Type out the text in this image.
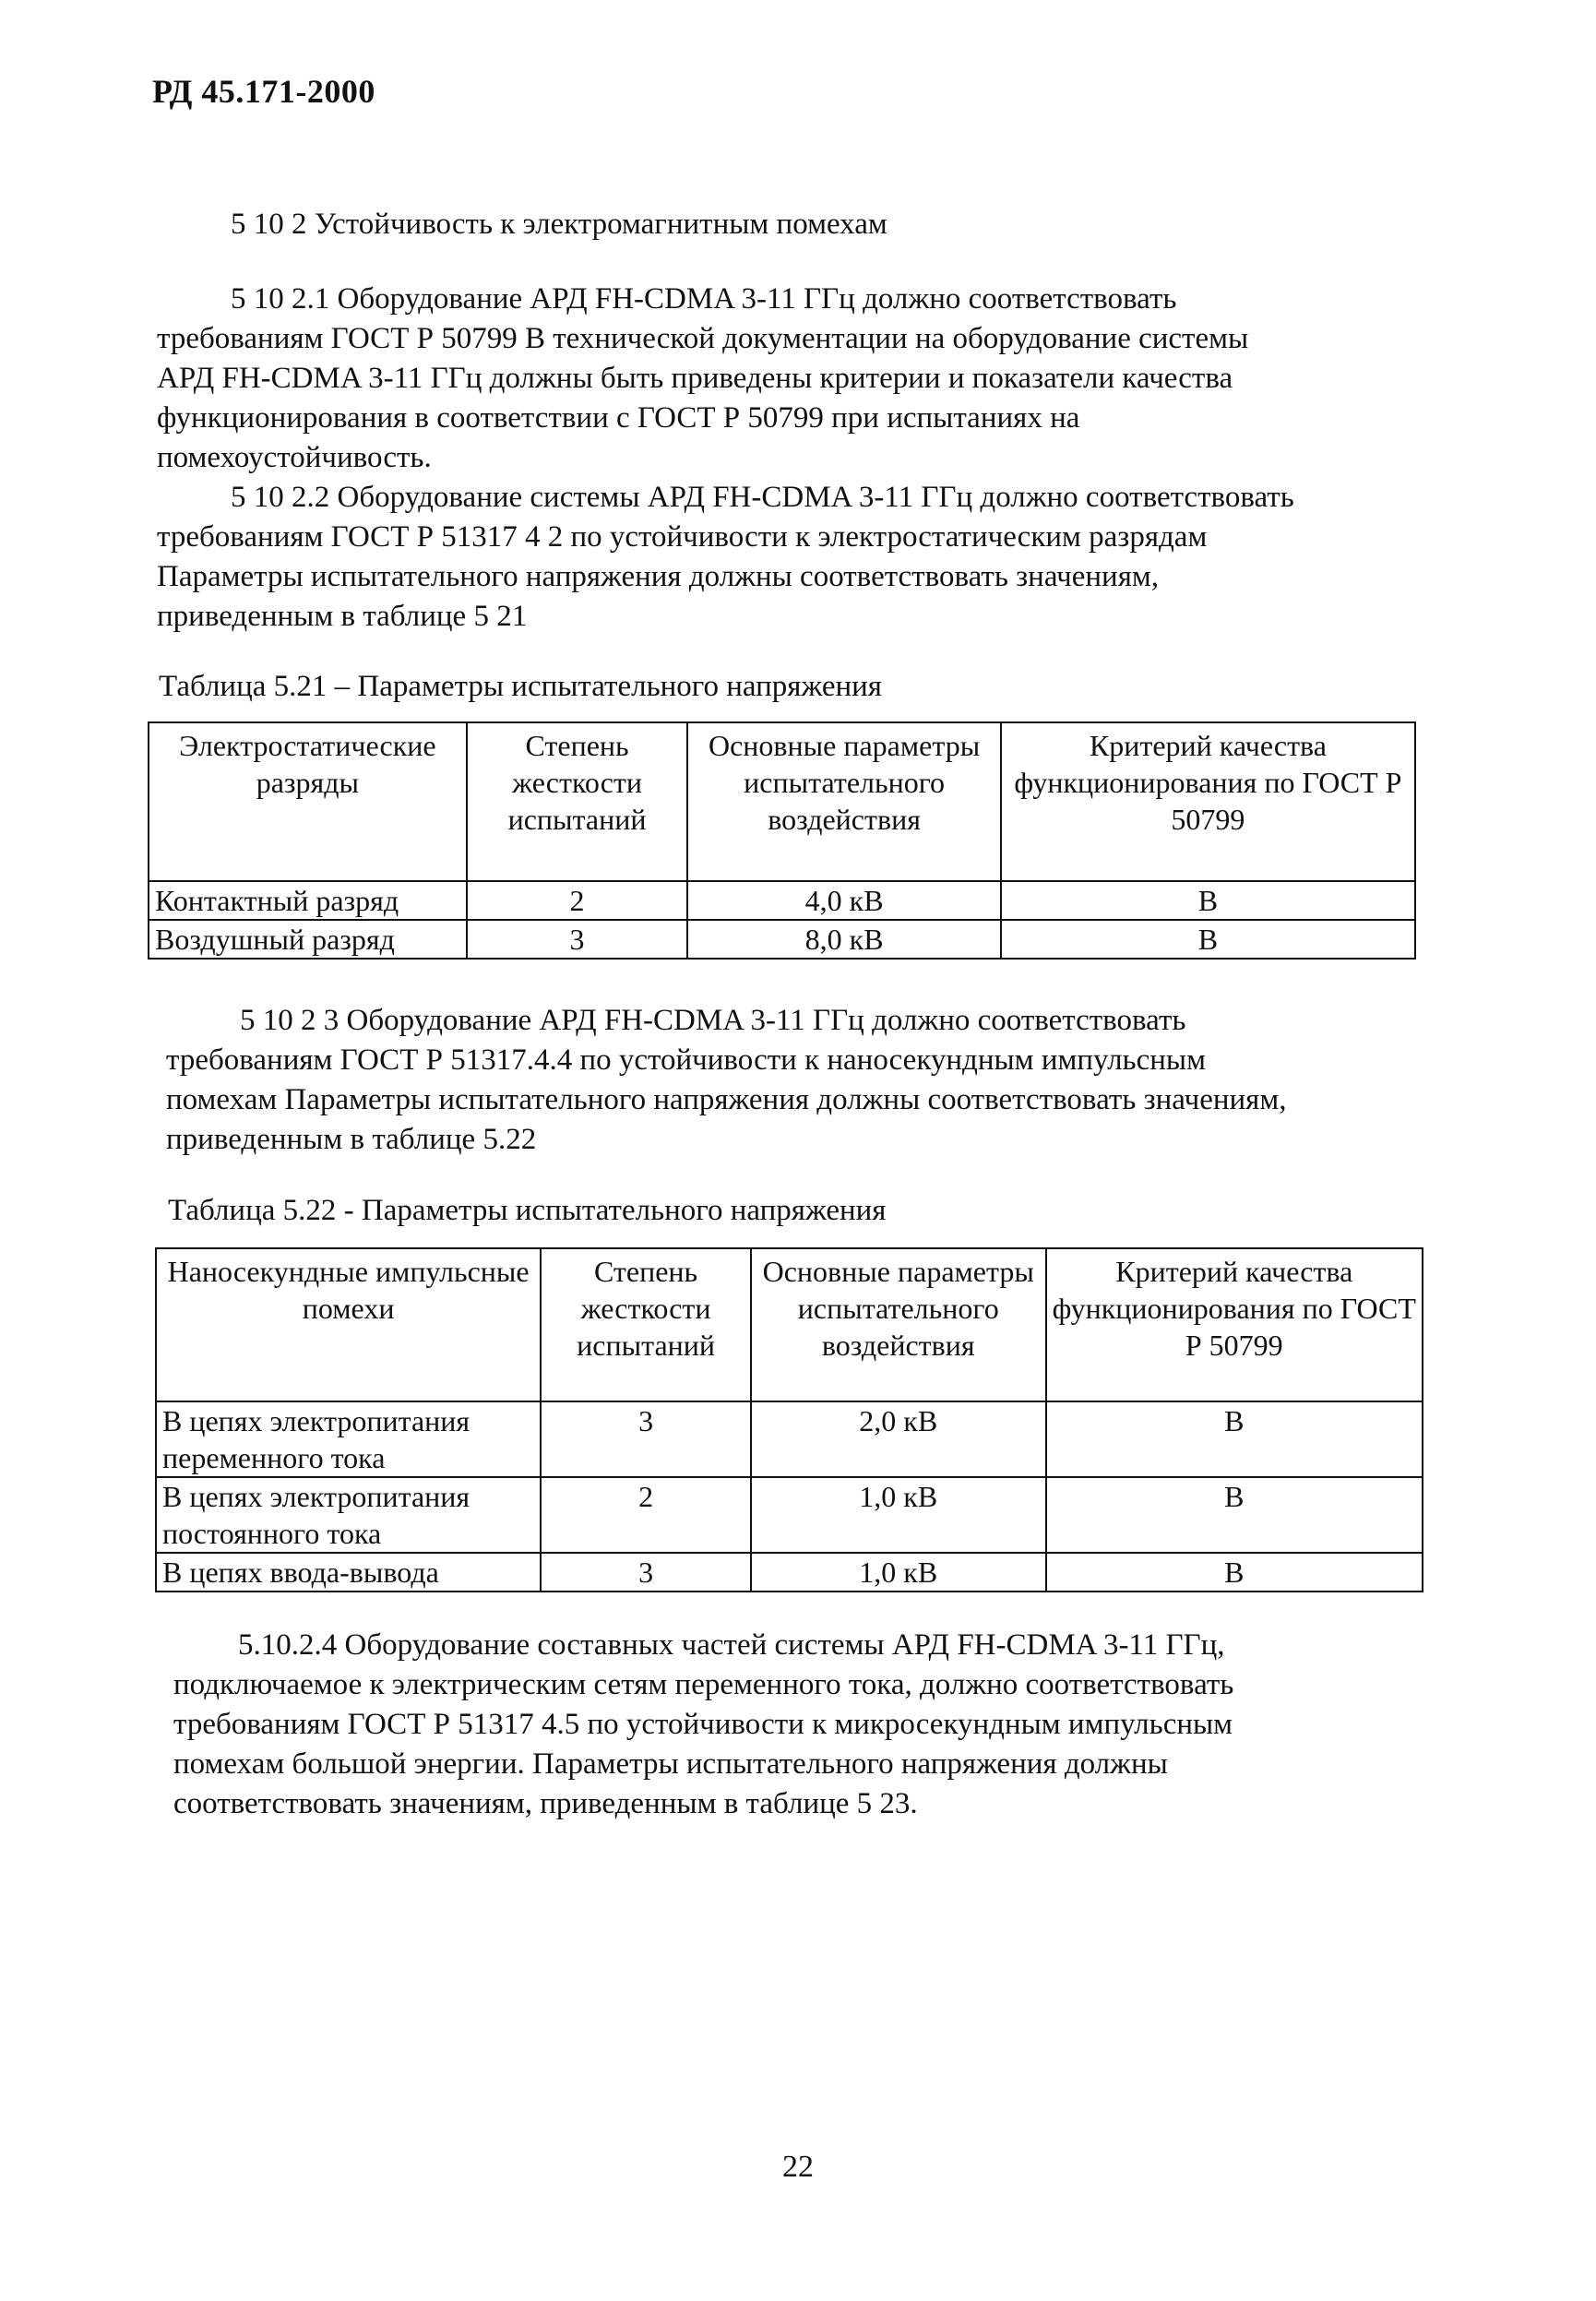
РД 45.171-2000
5 10 2 Устойчивость к электромагнитным помехам
5 10 2.1 Оборудование АРД FH-CDMA 3-11 ГГц должно соответствовать
требованиям ГОСТ Р 50799 В технической документации на оборудование системы
АРД FH-CDMA 3-11 ГГц должны быть приведены критерии и показатели качества
функционирования в соответствии с ГОСТ Р 50799 при испытаниях на
помехоустойчивость.
5 10 2.2 Оборудование системы АРД FH-CDMA 3-11 ГГц должно соответствовать
требованиям ГОСТ Р 51317 4 2 по устойчивости к электростатическим разрядам
Параметры испытательного напряжения должны соответствовать значениям,
приведенным в таблице 5 21
Таблица 5.21 – Параметры испытательного напряжения
Электростатические разряды	Степень жесткости испытаний	Основные параметры испытательного воздействия	Критерий качества функционирования по ГОСТ Р 50799
Контактный разряд	2	4,0 кВ	В
Воздушный разряд	3	8,0 кВ	В
5 10 2 3 Оборудование АРД FH-CDMA 3-11 ГГц должно соответствовать
требованиям ГОСТ Р 51317.4.4 по устойчивости к наносекундным импульсным
помехам Параметры испытательного напряжения должны соответствовать значениям,
приведенным в таблице 5.22
Таблица 5.22 - Параметры испытательного напряжения
Наносекундные импульсные помехи	Степень жесткости испытаний	Основные параметры испытательного воздействия	Критерий качества функционирования по ГОСТ Р 50799
В цепях электропитания переменного тока	3	2,0 кВ	В
В цепях электропитания постоянного тока	2	1,0 кВ	В
В цепях ввода-вывода	3	1,0 кВ	В
5.10.2.4 Оборудование составных частей системы АРД FH-CDMA 3-11 ГГц,
подключаемое к электрическим сетям переменного тока, должно соответствовать
требованиям ГОСТ Р 51317 4.5 по устойчивости к микросекундным импульсным
помехам большой энергии. Параметры испытательного напряжения должны
соответствовать значениям, приведенным в таблице 5 23.
22
